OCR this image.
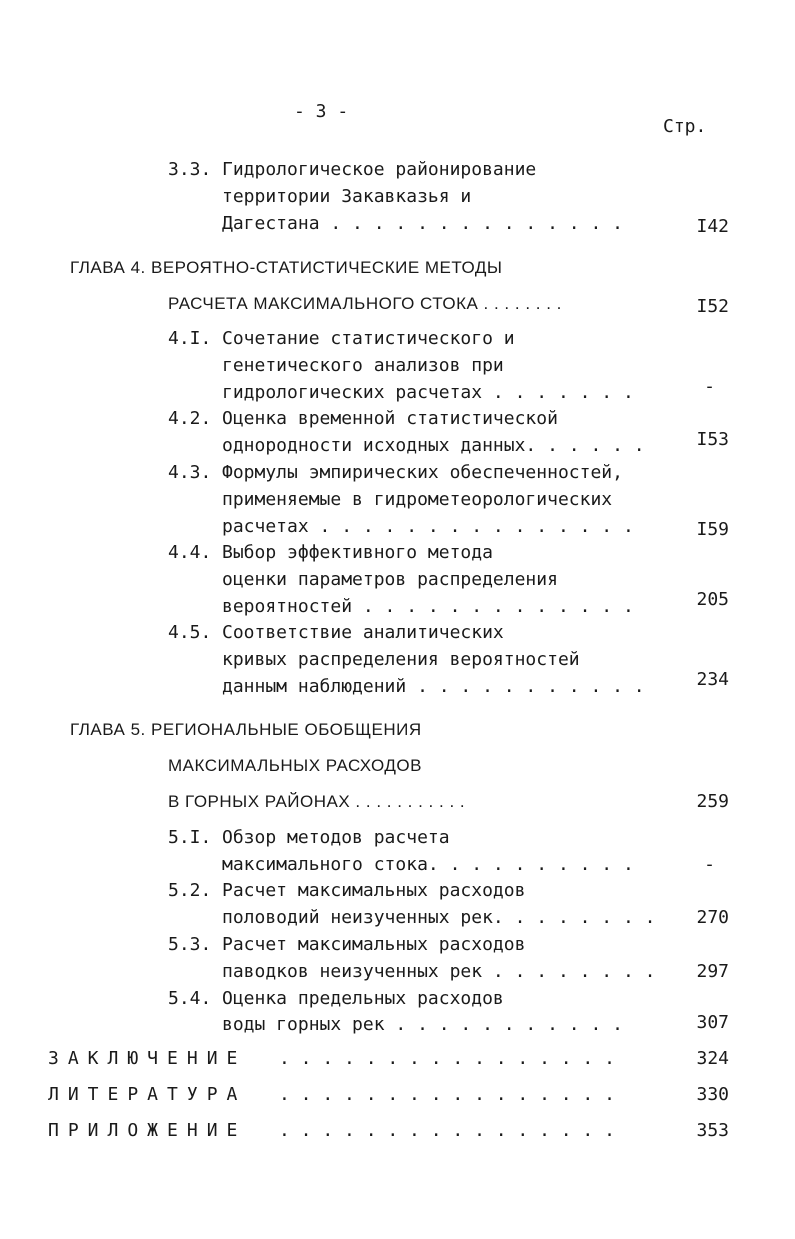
- 3 -
Стр.
3.3. Гидрологическое районирование
территории Закавказья и
Дагестана . . . . . . . . . . . . . .	I42
ГЛАВА 4. ВЕРОЯТНО-СТАТИСТИЧЕСКИЕ МЕТОДЫ
РАСЧЕТА МАКСИМАЛЬНОГО СТОКА . . . . . . . .	I52
4.I. Сочетание статистического и
генетического анализов при
гидрологических расчетах . . . . . . .	-
4.2. Оценка временной статистической
однородности исходных данных. . . . . .	I53
4.3. Формулы эмпирических обеспеченностей,
применяемые в гидрометеорологических
расчетах . . . . . . . . . . . . . . .	I59
4.4. Выбор эффективного метода
оценки параметров распределения
вероятностей . . . . . . . . . . . . .	205
4.5. Соответствие аналитических
кривых распределения вероятностей
данным наблюдений . . . . . . . . . . .	234
ГЛАВА 5. РЕГИОНАЛЬНЫЕ ОБОБЩЕНИЯ
МАКСИМАЛЬНЫХ РАСХОДОВ
В ГОРНЫХ РАЙОНАХ . . . . . . . . . . .	259
5.I. Обзор методов расчета
максимального стока. . . . . . . . . .	-
5.2. Расчет максимальных расходов
половодий неизученных рек. . . . . . . . 270
5.3. Расчет максимальных расходов
паводков неизученных рек . . . . . . . . 297
5.4. Оценка предельных расходов
воды горных рек . . . . . . . . . . .	307
ЗАКЛЮЧЕНИЕ . . . . . . . . . . . . . . . .	324
ЛИТЕРАТУРА . . . . . . . . . . . . . . . .	330
ПРИЛОЖЕНИЕ . . . . . . . . . . . . . . . .	353
